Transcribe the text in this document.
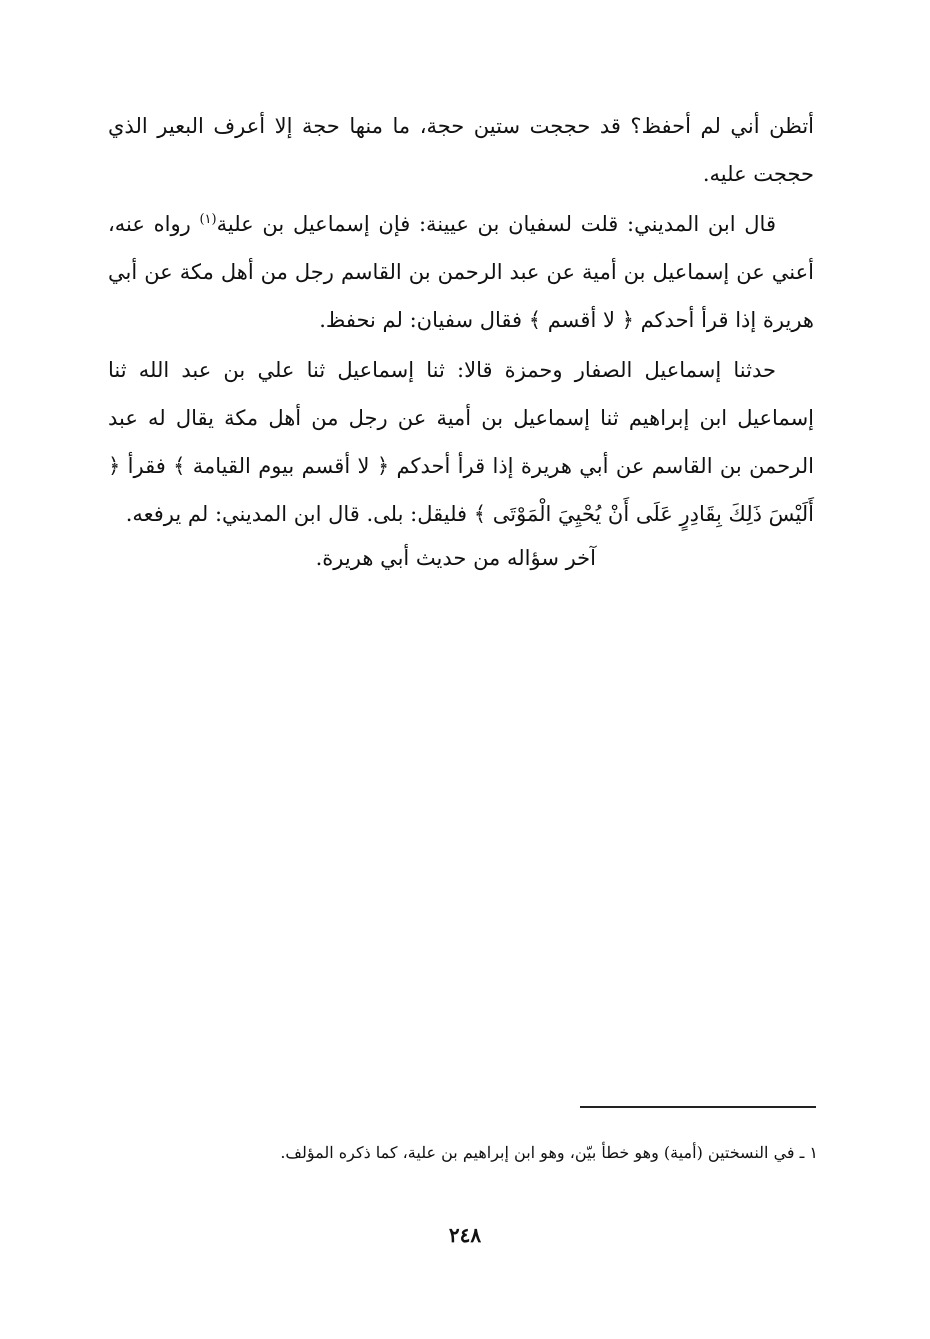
أتظن أني لم أحفظ؟ قد حججت ستين حجة، ما منها حجة إلا أعرف البعير الذي حججت عليه.

قال ابن المديني: قلت لسفيان بن عيينة: فإن إسماعيل بن علية$^{(١)}$ رواه عنه، أعني عن إسماعيل بن أمية عن عبد الرحمن بن القاسم رجل من أهل مكة عن أبي هريرة إذا قرأ أحدكم ﴿ لا أقسم ﴾ فقال سفيان: لم نحفظ.

حدثنا إسماعيل الصفار وحمزة قالا: ثنا إسماعيل ثنا علي بن عبد الله ثنا إسماعيل ابن إبراهيم ثنا إسماعيل بن أمية عن رجل من أهل مكة يقال له عبد الرحمن بن القاسم عن أبي هريرة إذا قرأ أحدكم ﴿ لا أقسم بيوم القيامة ﴾ فقرأ ﴿ أَلَيْسَ ذَلِكَ بِقَادِرٍ عَلَى أَنْ يُحْيِيَ الْمَوْتَى ﴾ فليقل: بلى. قال ابن المديني: لم يرفعه.

آخر سؤاله من حديث أبي هريرة.

١ ـ في النسختين (أمية) وهو خطأ بيّن، وهو ابن إبراهيم بن علية، كما ذكره المؤلف.

٢٤٨
